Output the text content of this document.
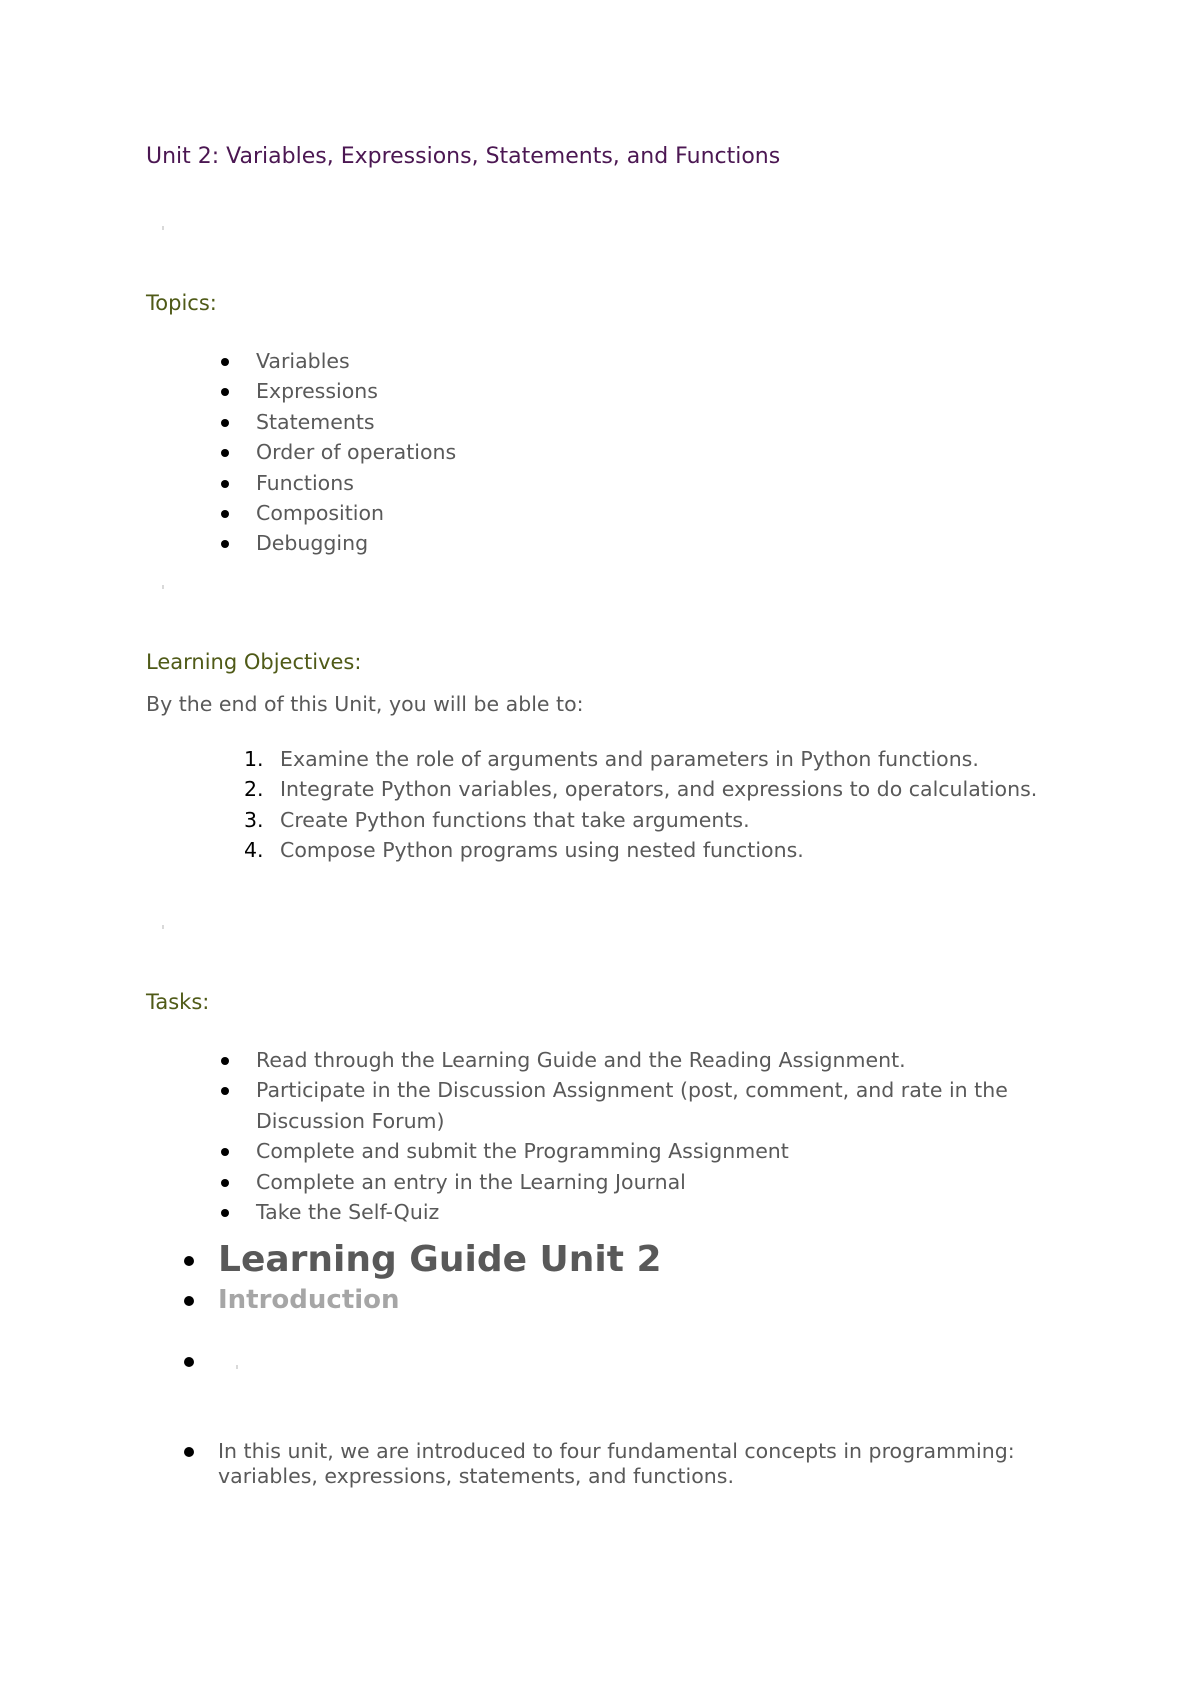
Unit 2: Variables, Expressions, Statements, and Functions
Topics:
Variables
Expressions
Statements
Order of operations
Functions
Composition
Debugging
Learning Objectives:
By the end of this Unit, you will be able to:
1. Examine the role of arguments and parameters in Python functions.
2. Integrate Python variables, operators, and expressions to do calculations.
3. Create Python functions that take arguments.
4. Compose Python programs using nested functions.
Tasks:
Read through the Learning Guide and the Reading Assignment.
Participate in the Discussion Assignment (post, comment, and rate in the Discussion Forum)
Complete and submit the Programming Assignment
Complete an entry in the Learning Journal
Take the Self-Quiz
Learning Guide Unit 2
Introduction
In this unit, we are introduced to four fundamental concepts in programming: variables, expressions, statements, and functions.
